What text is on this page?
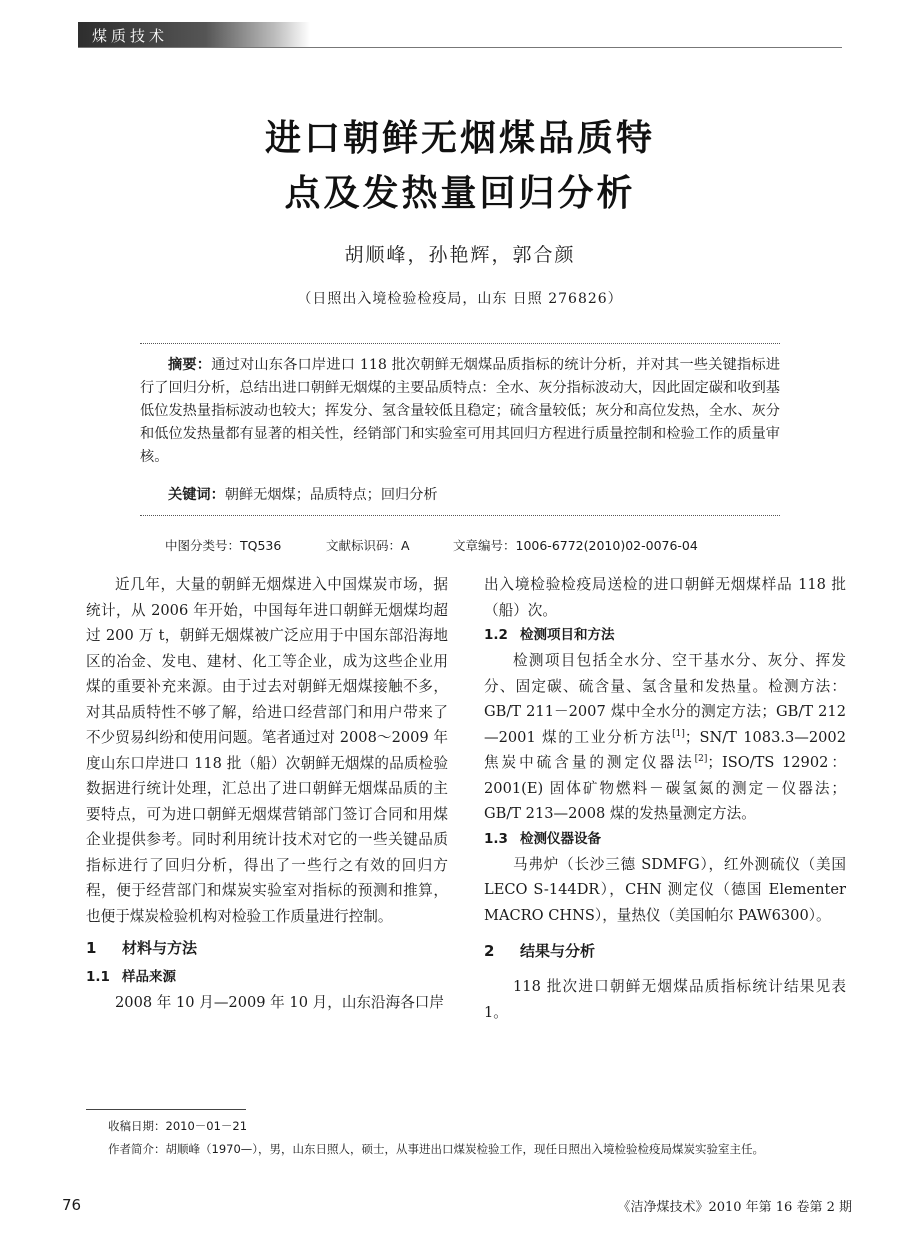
煤质技术
进口朝鲜无烟煤品质特
点及发热量回归分析
胡顺峰，孙艳辉，郭合颜
（日照出入境检验检疫局，山东 日照 276826）
摘要：通过对山东各口岸进口 118 批次朝鲜无烟煤品质指标的统计分析，并对其一些关键指标进行了回归分析，总结出进口朝鲜无烟煤的主要品质特点：全水、灰分指标波动大，因此固定碳和收到基低位发热量指标波动也较大；挥发分、氢含量较低且稳定；硫含量较低；灰分和高位发热，全水、灰分和低位发热量都有显著的相关性，经销部门和实验室可用其回归方程进行质量控制和检验工作的质量审核。
关键词：朝鲜无烟煤；品质特点；回归分析
中图分类号：TQ536	文献标识码：A	文章编号：1006-6772(2010)02-0076-04

近几年，大量的朝鲜无烟煤进入中国煤炭市场，据统计，从 2006 年开始，中国每年进口朝鲜无烟煤均超过 200 万 t，朝鲜无烟煤被广泛应用于中国东部沿海地区的冶金、发电、建材、化工等企业，成为这些企业用煤的重要补充来源。由于过去对朝鲜无烟煤接触不多，对其品质特性不够了解，给进口经营部门和用户带来了不少贸易纠纷和使用问题。笔者通过对 2008～2009 年度山东口岸进口 118 批（船）次朝鲜无烟煤的品质检验数据进行统计处理，汇总出了进口朝鲜无烟煤品质的主要特点，可为进口朝鲜无烟煤营销部门签订合同和用煤企业提供参考。同时利用统计技术对它的一些关键品质指标进行了回归分析，得出了一些行之有效的回归方程，便于经营部门和煤炭实验室对指标的预测和推算，也便于煤炭检验机构对检验工作质量进行控制。

1 材料与方法
1.1 样品来源

2008 年 10 月—2009 年 10 月，山东沿海各口岸

出入境检验检疫局送检的进口朝鲜无烟煤样品 118 批（船）次。

1.2 检测项目和方法

检测项目包括全水分、空干基水分、灰分、挥发分、固定碳、硫含量、氢含量和发热量。检测方法：GB/T 211－2007 煤中全水分的测定方法；GB/T 212—2001 煤的工业分析方法[1]；SN/T 1083.3—2002 焦炭中硫含量的测定仪器法[2]；ISO/TS 12902：2001(E) 固体矿物燃料－碳氢氮的测定－仪器法；GB/T 213—2008 煤的发热量测定方法。

1.3 检测仪器设备

马弗炉（长沙三德 SDMFG），红外测硫仪（美国 LECO S-144DR），CHN 测定仪（德国 Elementer MACRO CHNS），量热仪（美国帕尔 PAW6300）。

2 结果与分析

118 批次进口朝鲜无烟煤品质指标统计结果见表1。

收稿日期：2010－01－21
作者简介：胡顺峰（1970—），男，山东日照人，硕士，从事进出口煤炭检验工作，现任日照出入境检验检疫局煤炭实验室主任。
76	《洁净煤技术》2010 年第 16 卷第 2 期
